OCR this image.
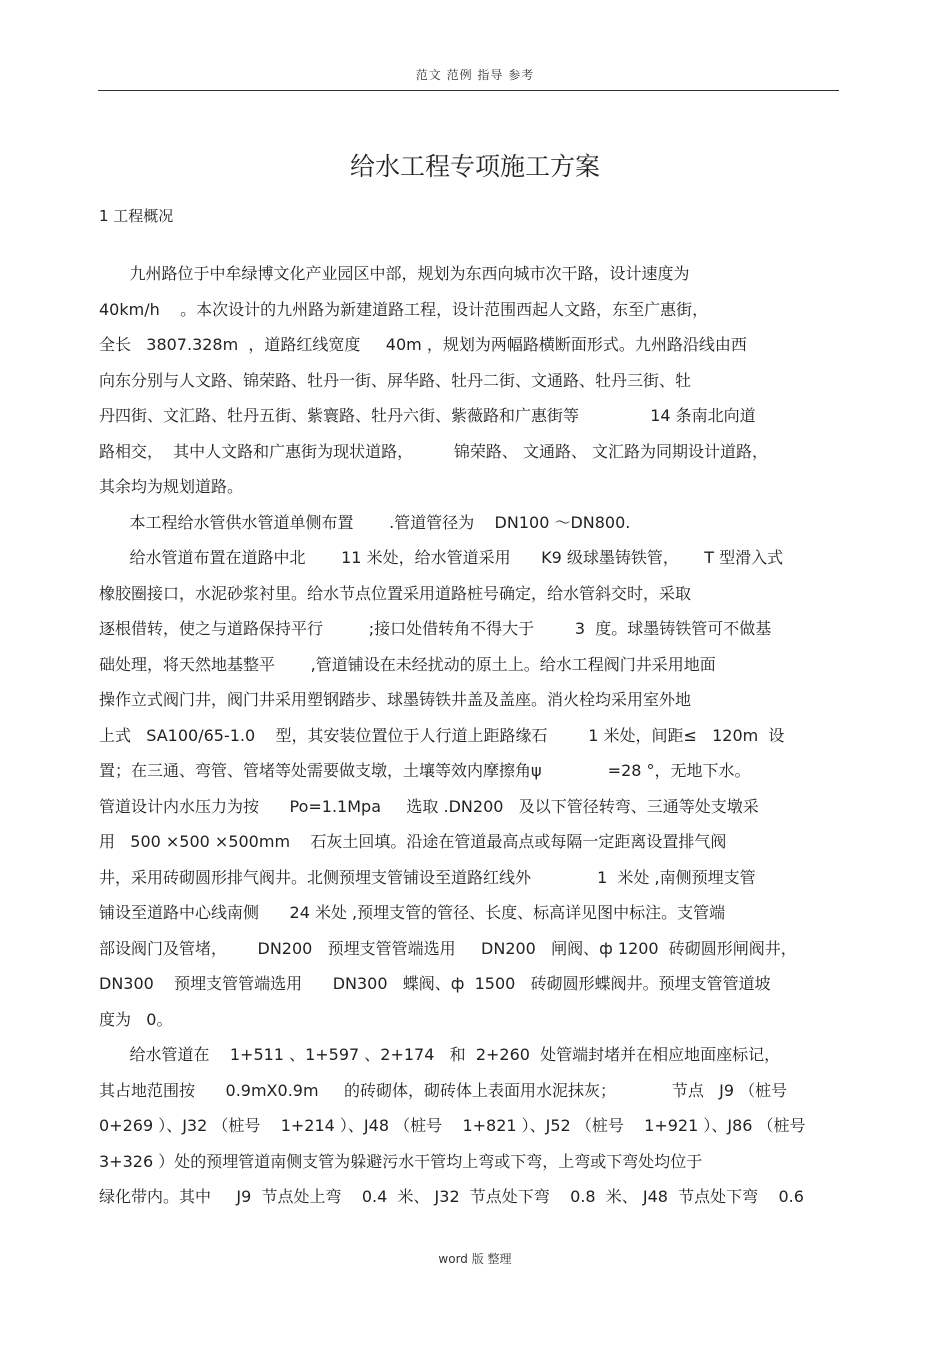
范文 范例 指导 参考
给水工程专项施工方案
1 工程概况
九州路位于中牟绿博文化产业园区中部，规划为东西向城市次干路，设计速度为
40km/h    。本次设计的九州路为新建道路工程，设计范围西起人文路，东至广惠街，
全长   3807.328m  ，道路红线宽度     40m ，规划为两幅路横断面形式。九州路沿线由西
向东分别与人文路、锦荣路、牡丹一街、屏华路、牡丹二街、文通路、牡丹三街、牡
丹四街、文汇路、牡丹五街、紫寰路、牡丹六街、紫薇路和广惠街等              14 条南北向道
路相交，  其中人文路和广惠街为现状道路，        锦荣路、 文通路、 文汇路为同期设计道路，
其余均为规划道路。
本工程给水管供水管道单侧布置       .管道管径为    DN100 ～DN800.
给水管道布置在道路中北       11 米处，给水管道采用      K9 级球墨铸铁管，     T 型滑入式
橡胶圈接口，水泥砂浆衬里。给水节点位置采用道路桩号确定，给水管斜交时，采取
逐根借转，使之与道路保持平行         ;接口处借转角不得大于        3  度。球墨铸铁管可不做基
础处理，将天然地基整平       ,管道铺设在未经扰动的原土上。给水工程阀门井采用地面
操作立式阀门井，阀门井采用塑钢踏步、球墨铸铁井盖及盖座。消火栓均采用室外地
上式   SA100/65-1.0    型，其安装位置位于人行道上距路缘石        1 米处，间距≤   120m  设
置；在三通、弯管、管堵等处需要做支墩，土壤等效内摩擦角ψ             =28 °，无地下水。
管道设计内水压力为按      Po=1.1Mpa     选取 .DN200   及以下管径转弯、三通等处支墩采
用   500 ×500 ×500mm    石灰土回填。沿途在管道最高点或每隔一定距离设置排气阀
井，采用砖砌圆形排气阀井。北侧预埋支管铺设至道路红线外             1  米处 ,南侧预埋支管
铺设至道路中心线南侧      24 米处 ,预埋支管的管径、长度、标高详见图中标注。支管端
部设阀门及管堵，      DN200   预埋支管管端选用     DN200   闸阀、ф 1200  砖砌圆形闸阀井，
DN300    预埋支管管端选用      DN300   蝶阀、ф  1500   砖砌圆形蝶阀井。预埋支管管道坡
度为   0。
给水管道在    1+511 、1+597 、2+174   和  2+260  处管端封堵并在相应地面座标记，
其占地范围按      0.9mX0.9m     的砖砌体，砌砖体上表面用水泥抹灰；           节点   J9 （桩号
0+269 ）、J32 （桩号    1+214 ）、J48 （桩号    1+821 ）、J52 （桩号    1+921 ）、J86 （桩号
3+326 ）处的预埋管道南侧支管为躲避污水干管均上弯或下弯，上弯或下弯处均位于
绿化带内。其中     J9  节点处上弯    0.4  米、 J32  节点处下弯    0.8  米、 J48  节点处下弯    0.6
word 版 整理
